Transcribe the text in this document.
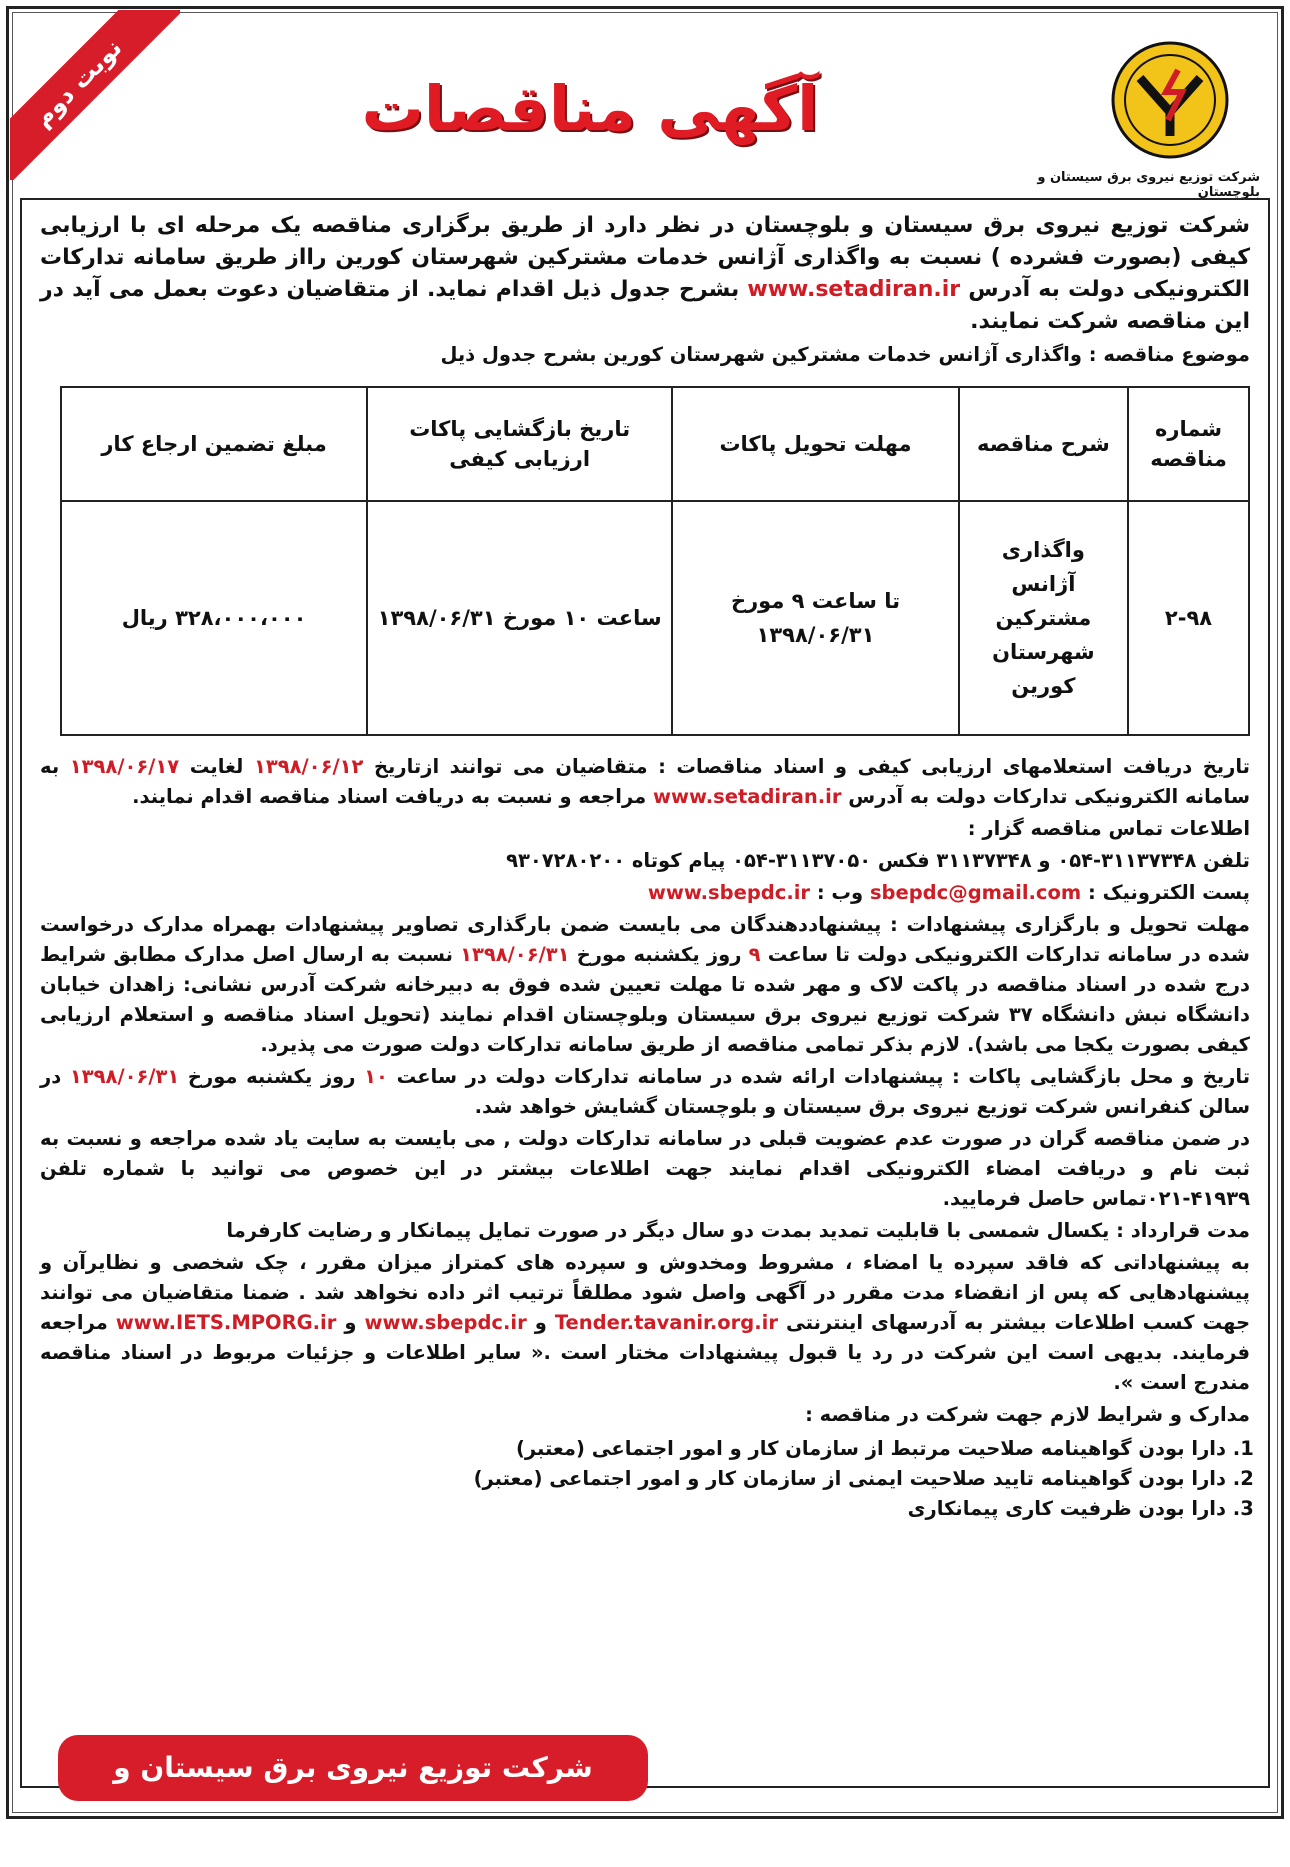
نوبت دوم	آگهی مناقصات
شرکت توزیع نیروی برق سیستان و بلوچستان

شرکت توزیع نیروی برق سیستان و بلوچستان در نظر دارد از طریق برگزاری مناقصه یک مرحله ای با ارزیابی کیفی (بصورت فشرده ) نسبت به واگذاری آژانس خدمات مشترکین شهرستان کورین رااز طریق سامانه تدارکات الکترونیکی دولت به آدرس www.setadiran.ir بشرح جدول ذیل اقدام نماید. از متقاضیان دعوت بعمل می آید در این مناقصه شرکت نمایند.

موضوع مناقصه : واگذاری آژانس خدمات مشترکین شهرستان کورین بشرح جدول ذیل

شماره مناقصه	شرح مناقصه	مهلت تحویل پاکات	تاریخ بازگشایی پاکات ارزیابی کیفی	مبلغ تضمین ارجاع کار
۲-۹۸	واگذاری آژانس مشترکین شهرستان کورین	تا ساعت ۹ مورخ ۱۳۹۸/۰۶/۳۱	ساعت ۱۰ مورخ ۱۳۹۸/۰۶/۳۱	۳۲۸،۰۰۰،۰۰۰ ریال

تاریخ دریافت استعلامهای ارزیابی کیفی و اسناد مناقصات : متقاضیان می توانند ازتاریخ ۱۳۹۸/۰۶/۱۲ لغایت ۱۳۹۸/۰۶/۱۷ به سامانه الکترونیکی تدارکات دولت به آدرس www.setadiran.ir مراجعه و نسبت به دریافت اسناد مناقصه اقدام نمایند.

اطلاعات تماس مناقصه گزار :

تلفن ۳۱۱۳۷۳۴۸-۰۵۴ و ۳۱۱۳۷۳۴۸ فکس ۳۱۱۳۷۰۵۰-۰۵۴ پیام کوتاه ۹۳۰۷۲۸۰۲۰۰

پست الکترونیک : sbepdc@gmail.com وب : www.sbepdc.ir

مهلت تحویل و بارگزاری پیشنهادات : پیشنهاددهندگان می بایست ضمن بارگذاری تصاویر پیشنهادات بهمراه مدارک درخواست شده در سامانه تدارکات الکترونیکی دولت تا ساعت ۹ روز یکشنبه مورخ ۱۳۹۸/۰۶/۳۱ نسبت به ارسال اصل مدارک مطابق شرایط درج شده در اسناد مناقصه در پاکت لاک و مهر شده تا مهلت تعیین شده فوق به دبیرخانه شرکت آدرس نشانی: زاهدان خیابان دانشگاه نبش دانشگاه ۳۷ شرکت توزیع نیروی برق سیستان وبلوچستان اقدام نمایند (تحویل اسناد مناقصه و استعلام ارزیابی کیفی بصورت یکجا می باشد). لازم بذکر تمامی مناقصه از طریق سامانه تدارکات دولت صورت می پذیرد.

تاریخ و محل بازگشایی پاکات : پیشنهادات ارائه شده در سامانه تدارکات دولت در ساعت ۱۰ روز یکشنبه مورخ ۱۳۹۸/۰۶/۳۱ در سالن کنفرانس شرکت توزیع نیروی برق سیستان و بلوچستان گشایش خواهد شد.

در ضمن مناقصه گران در صورت عدم عضویت قبلی در سامانه تدارکات دولت , می بایست به سایت یاد شده مراجعه و نسبت به ثبت نام و دریافت امضاء الکترونیکی اقدام نمایند جهت اطلاعات بیشتر در این خصوص می توانید با شماره تلفن ۴۱۹۳۹-۰۲۱تماس حاصل فرمایید.

مدت قرارداد : یکسال شمسی با قابلیت تمدید بمدت دو سال دیگر در صورت تمایل پیمانکار و رضایت کارفرما

به پیشنهاداتی که فاقد سپرده یا امضاء ، مشروط ومخدوش و سپرده های کمتراز میزان مقرر ، چک شخصی و نظایرآن و پیشنهادهایی که پس از انقضاء مدت مقرر در آگهی واصل شود مطلقاً ترتیب اثر داده نخواهد شد . ضمنا متقاضیان می توانند جهت کسب اطلاعات بیشتر به آدرسهای اینترنتی Tender.tavanir.org.ir و www.sbepdc.ir و www.IETS.MPORG.ir مراجعه فرمایند. بدیهی است این شرکت در رد یا قبول پیشنهادات مختار است .« سایر اطلاعات و جزئیات مربوط در اسناد مناقصه مندرج است ».

مدارک و شرایط لازم جهت شرکت در مناقصه :

1. دارا بودن گواهینامه صلاحیت مرتبط از سازمان کار و امور اجتماعی (معتبر)
2. دارا بودن گواهینامه تایید صلاحیت ایمنی از سازمان کار و امور اجتماعی (معتبر)
3. دارا بودن ظرفیت کاری پیمانکاری
شرکت توزیع نیروی برق سیستان و بلوچستان
